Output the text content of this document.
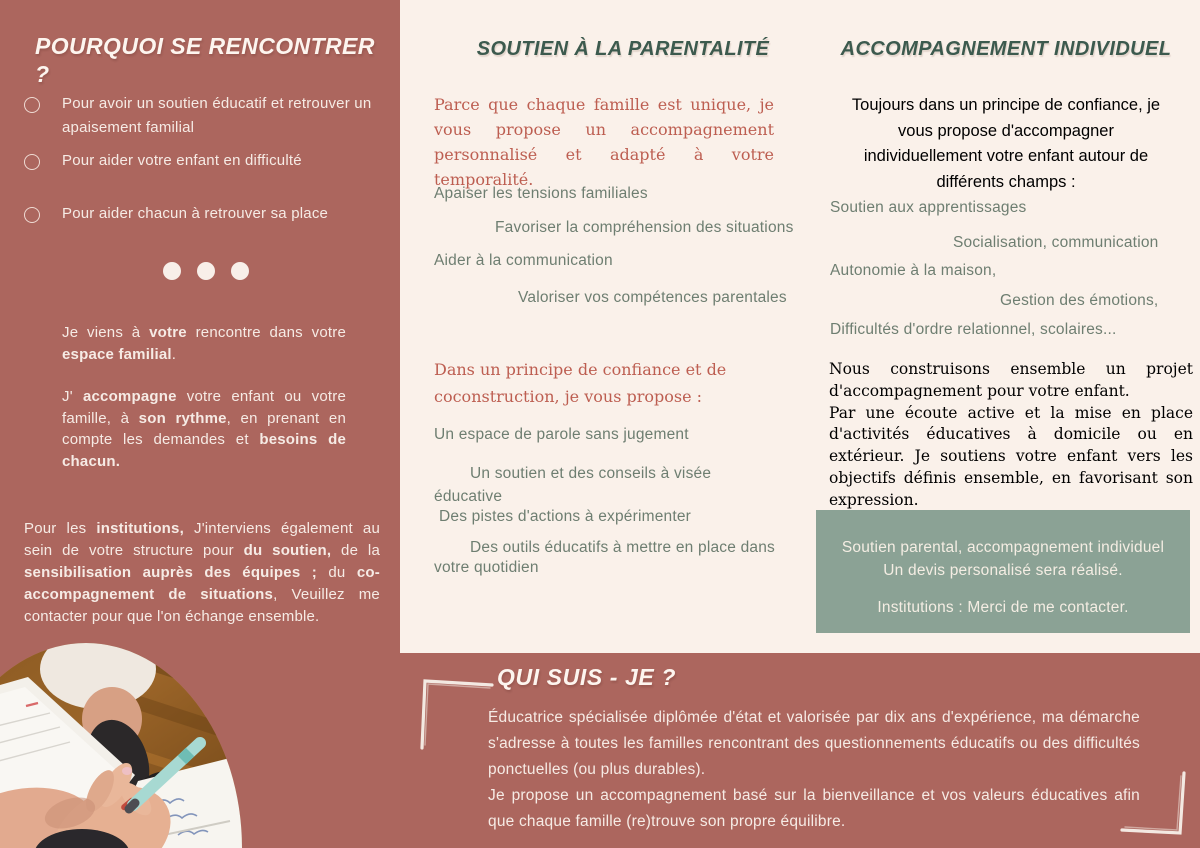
POURQUOI SE RENCONTRER ?
Pour avoir un soutien éducatif et retrouver un apaisement familial
Pour aider votre enfant en difficulté
Pour aider chacun à retrouver sa place

Je viens à votre rencontre dans votre espace familial.

J' accompagne votre enfant ou votre famille, à son rythme, en prenant en compte les demandes et besoins de chacun.

Pour les institutions, J'interviens également au sein de votre structure pour du soutien, de la sensibilisation auprès des équipes ; du co-accompagnement de situations, Veuillez me contacter pour que l'on échange ensemble.

SOUTIEN À LA PARENTALITÉ

Parce que chaque famille est unique, je vous propose un accompagnement personnalisé et adapté à votre temporalité.

Apaiser les tensions familiales
Favoriser la compréhension des situations
Aider à la communication
Valoriser vos compétences parentales

Dans un principe de confiance et de coconstruction, je vous propose :

Un espace de parole sans jugement
Un soutien et des conseils à visée éducative
Des pistes d'actions à expérimenter
Des outils éducatifs à mettre en place dans votre quotidien
ACCOMPAGNEMENT INDIVIDUEL
Toujours dans un principe de confiance, je
vous propose d'accompagner
individuellement votre enfant autour de
différents champs :
Soutien aux apprentissages
Socialisation, communication
Autonomie à la maison,
Gestion des émotions,
Difficultés d'ordre relationnel, scolaires...

Nous construisons ensemble un projet d'accompagnement pour votre enfant.

Par une écoute active et la mise en place d'activités éducatives à domicile ou en extérieur. Je soutiens votre enfant vers les objectifs définis ensemble, en favorisant son expression.

Soutien parental, accompagnement individuel
Un devis personalisé sera réalisé.
Institutions : Merci de me contacter.
QUI SUIS - JE ?

Éducatrice spécialisée diplômée d'état et valorisée par dix ans d'expérience, ma démarche s'adresse à toutes les familles rencontrant des questionnements éducatifs ou des difficultés ponctuelles (ou plus durables).

Je propose un accompagnement basé sur la bienveillance et vos valeurs éducatives afin que chaque famille (re)trouve son propre équilibre.
